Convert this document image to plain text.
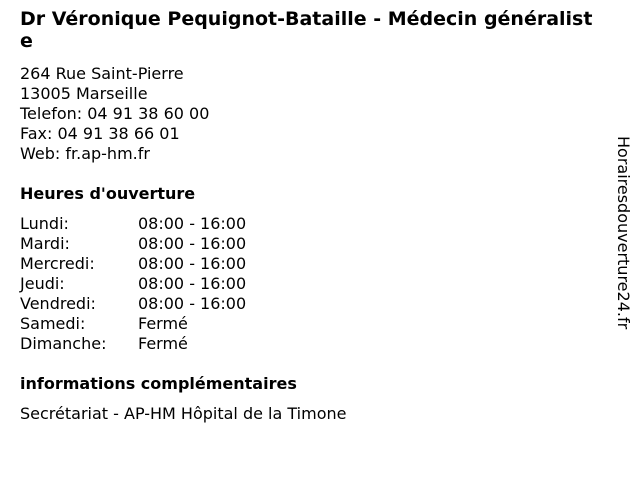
Dr Véronique Pequignot-Bataille - Médecin généraliste
264 Rue Saint-Pierre
13005 Marseille
Telefon: 04 91 38 60 00
Fax: 04 91 38 66 01
Web: fr.ap-hm.fr
Heures d'ouverture
Lundi:	08:00 - 16:00
Mardi:	08:00 - 16:00
Mercredi:	08:00 - 16:00
Jeudi:	08:00 - 16:00
Vendredi:	08:00 - 16:00
Samedi:	Fermé
Dimanche:	Fermé
informations complémentaires
Secrétariat - AP-HM Hôpital de la Timone
Horairesdouverture24.fr
